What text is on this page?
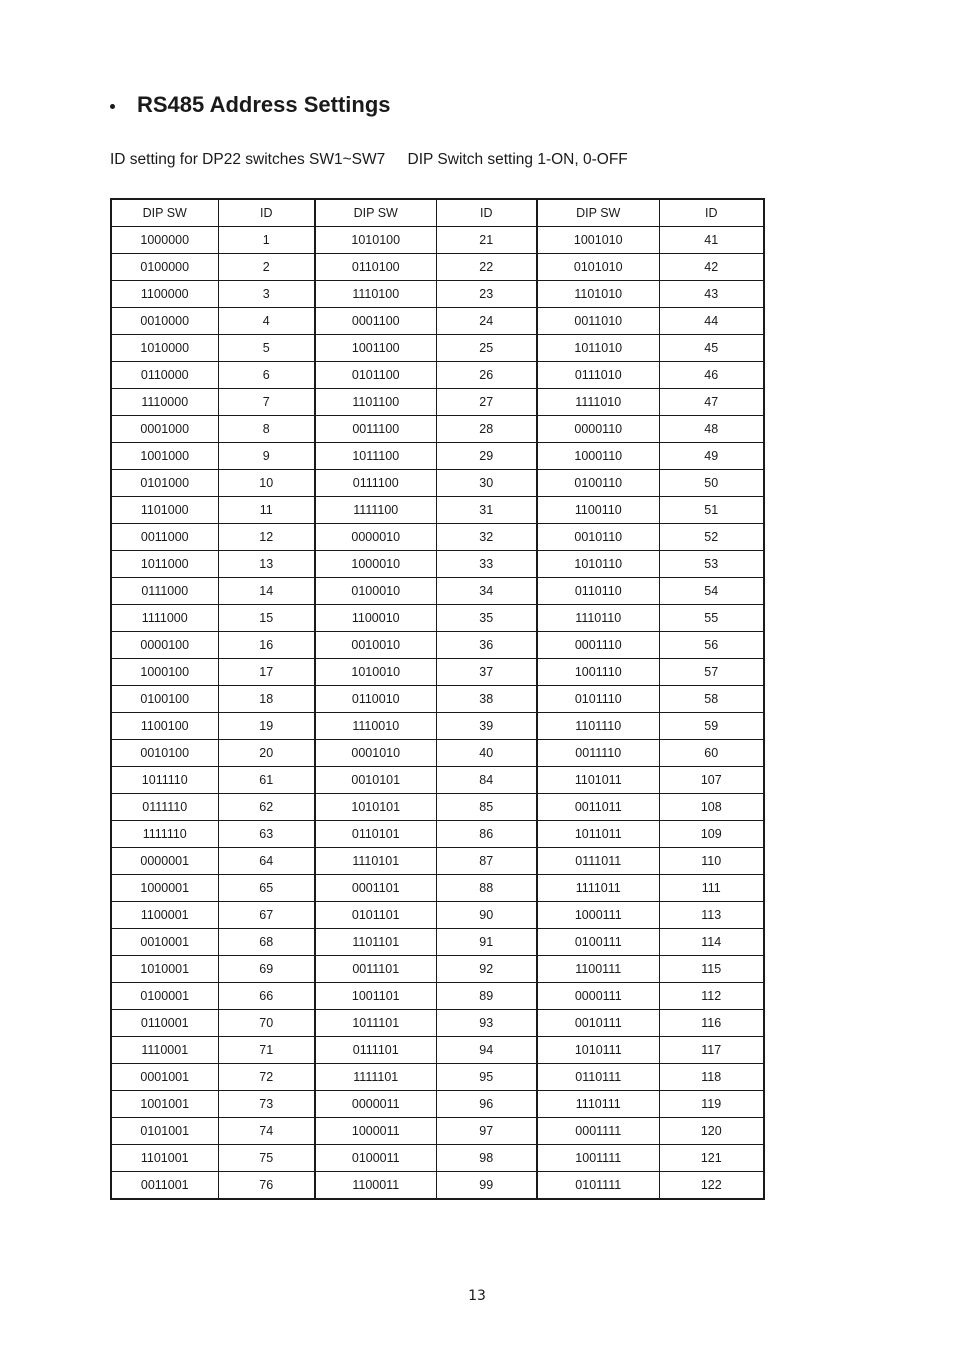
RS485 Address Settings
ID setting for DP22 switches SW1~SW7 DIP Switch setting 1-ON, 0-OFF
DIP SW	ID	DIP SW	ID	DIP SW	ID
1000000	1	1010100	21	1001010	41
0100000	2	0110100	22	0101010	42
1100000	3	1110100	23	1101010	43
0010000	4	0001100	24	0011010	44
1010000	5	1001100	25	1011010	45
0110000	6	0101100	26	0111010	46
1110000	7	1101100	27	1111010	47
0001000	8	0011100	28	0000110	48
1001000	9	1011100	29	1000110	49
0101000	10	0111100	30	0100110	50
1101000	11	1111100	31	1100110	51
0011000	12	0000010	32	0010110	52
1011000	13	1000010	33	1010110	53
0111000	14	0100010	34	0110110	54
1111000	15	1100010	35	1110110	55
0000100	16	0010010	36	0001110	56
1000100	17	1010010	37	1001110	57
0100100	18	0110010	38	0101110	58
1100100	19	1110010	39	1101110	59
0010100	20	0001010	40	0011110	60
1011110	61	0010101	84	1101011	107
0111110	62	1010101	85	0011011	108
1111110	63	0110101	86	1011011	109
0000001	64	1110101	87	0111011	110
1000001	65	0001101	88	1111011	111
1100001	67	0101101	90	1000111	113
0010001	68	1101101	91	0100111	114
1010001	69	0011101	92	1100111	115
0100001	66	1001101	89	0000111	112
0110001	70	1011101	93	0010111	116
1110001	71	0111101	94	1010111	117
0001001	72	1111101	95	0110111	118
1001001	73	0000011	96	1110111	119
0101001	74	1000011	97	0001111	120
1101001	75	0100011	98	1001111	121
0011001	76	1100011	99	0101111	122
13
